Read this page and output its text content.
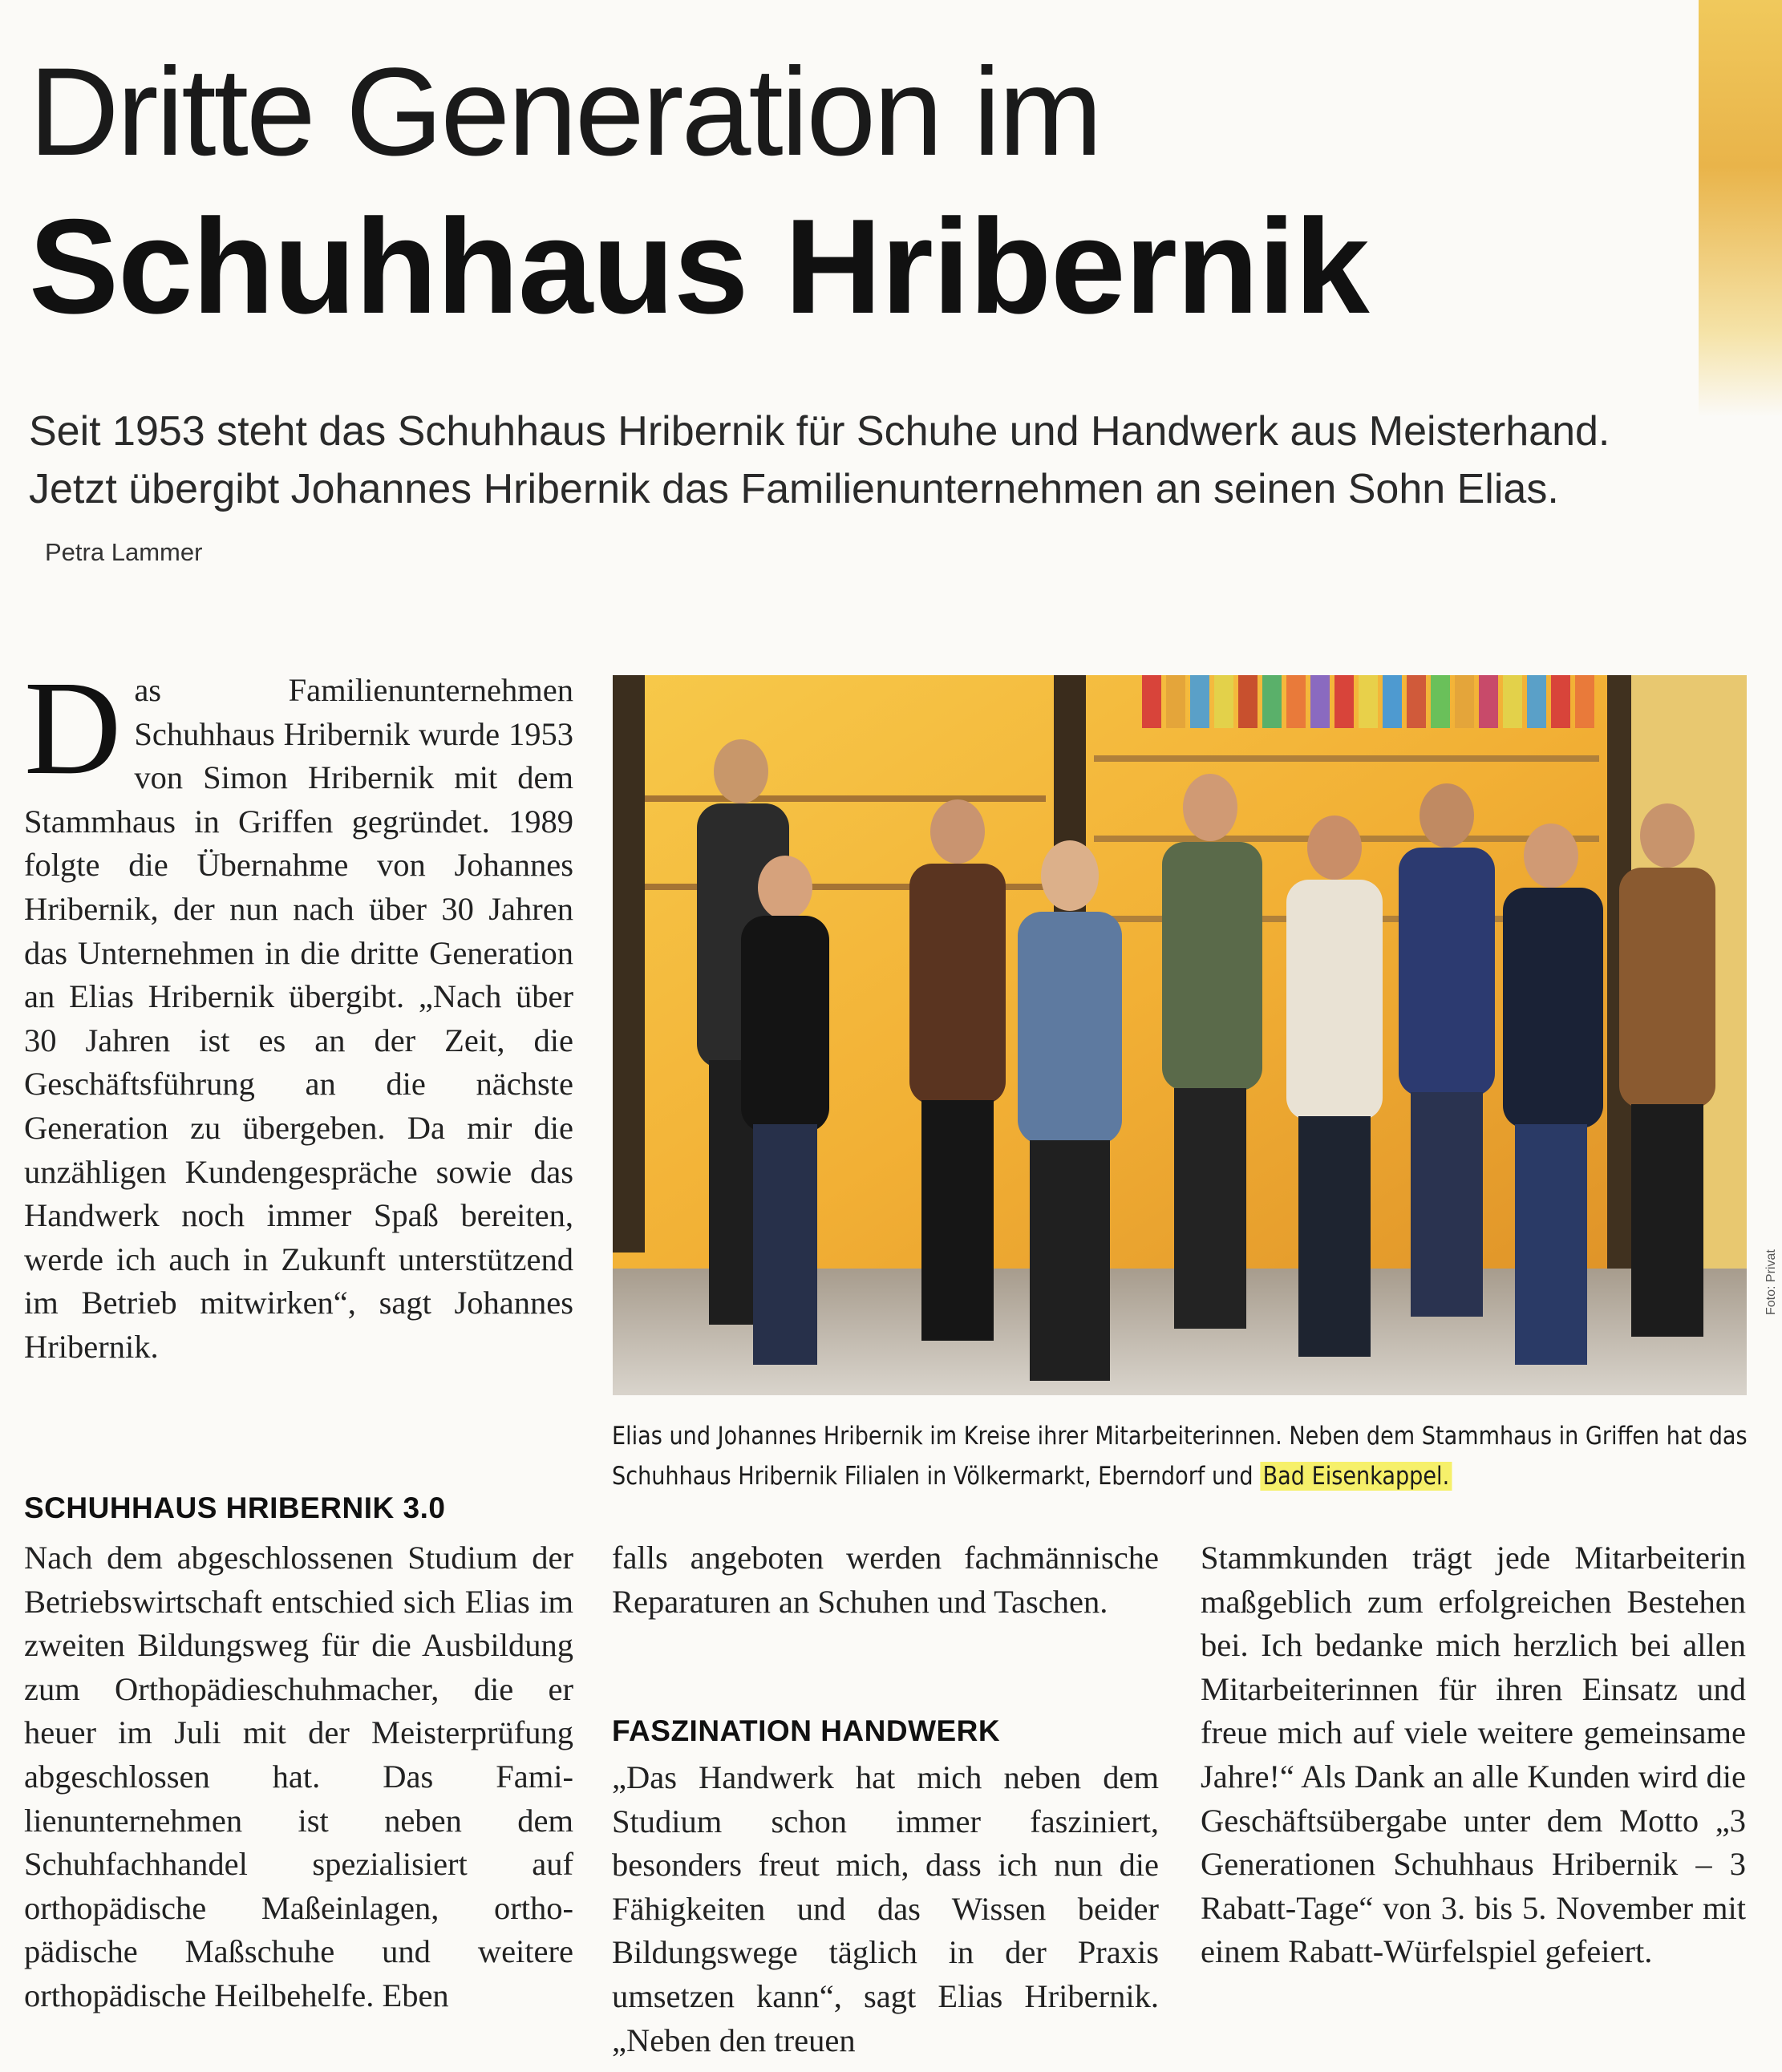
Dritte Generation im
Schuhhaus Hribernik
Seit 1953 steht das Schuhhaus Hribernik für Schuhe und Handwerk aus Meisterhand. Jetzt übergibt Johannes Hribernik das Familienunternehmen an seinen Sohn Elias. Petra Lammer
Das Familienunternehmen Schuhhaus Hribernik wurde 1953 von Simon Hribernik mit dem Stammhaus in Griffen gegründet. 1989 folgte die Übernahme von Johannes Hribernik, der nun nach über 30 Jahren das Unternehmen in die dritte Generation an Elias Hribernik übergibt. „Nach über 30 Jahren ist es an der Zeit, die Geschäftsführung an die nächste Generation zu übergeben. Da mir die unzähligen Kundengespräche sowie das Handwerk noch immer Spaß bereiten, werde ich auch in Zukunft unterstützend im Betrieb mitwirken“, sagt Johannes Hribernik.
Foto: Privat
Elias und Johannes Hribernik im Kreise ihrer Mitarbeiterinnen. Neben dem Stammhaus in Griffen hat das Schuhhaus Hribernik Filialen in Völkermarkt, Eberndorf und Bad Eisenkappel.
SCHUHHAUS HRIBERNIK 3.0
Nach dem abgeschlossenen Studium der Betriebswirtschaft entschied sich Elias im zweiten Bildungsweg für die Ausbildung zum Orthopädieschuhmacher, die er heuer im Juli mit der Meisterprüfung abgeschlossen hat. Das Familienunternehmen ist neben dem Schuhfachhandel spezialisiert auf orthopädische Maßeinlagen, orthopädische Maßschuhe und weitere orthopädische Heilbehelfe. Eben
falls angeboten werden fachmännische Reparaturen an Schuhen und Taschen.
FASZINATION HANDWERK
„Das Handwerk hat mich neben dem Studium schon immer fasziniert, besonders freut mich, dass ich nun die Fähigkeiten und das Wissen beider Bildungswege täglich in der Praxis umsetzen kann“, sagt Elias Hribernik. „Neben den treuen
Stammkunden trägt jede Mitarbeiterin maßgeblich zum erfolgreichen Bestehen bei. Ich bedanke mich herzlich bei allen Mitarbeiterinnen für ihren Einsatz und freue mich auf viele weitere gemeinsame Jahre!“ Als Dank an alle Kunden wird die Geschäftsübergabe unter dem Motto „3 Generationen Schuhhaus Hribernik – 3 Rabatt-Tage“ von 3. bis 5. November mit einem Rabatt-Würfelspiel gefeiert.
